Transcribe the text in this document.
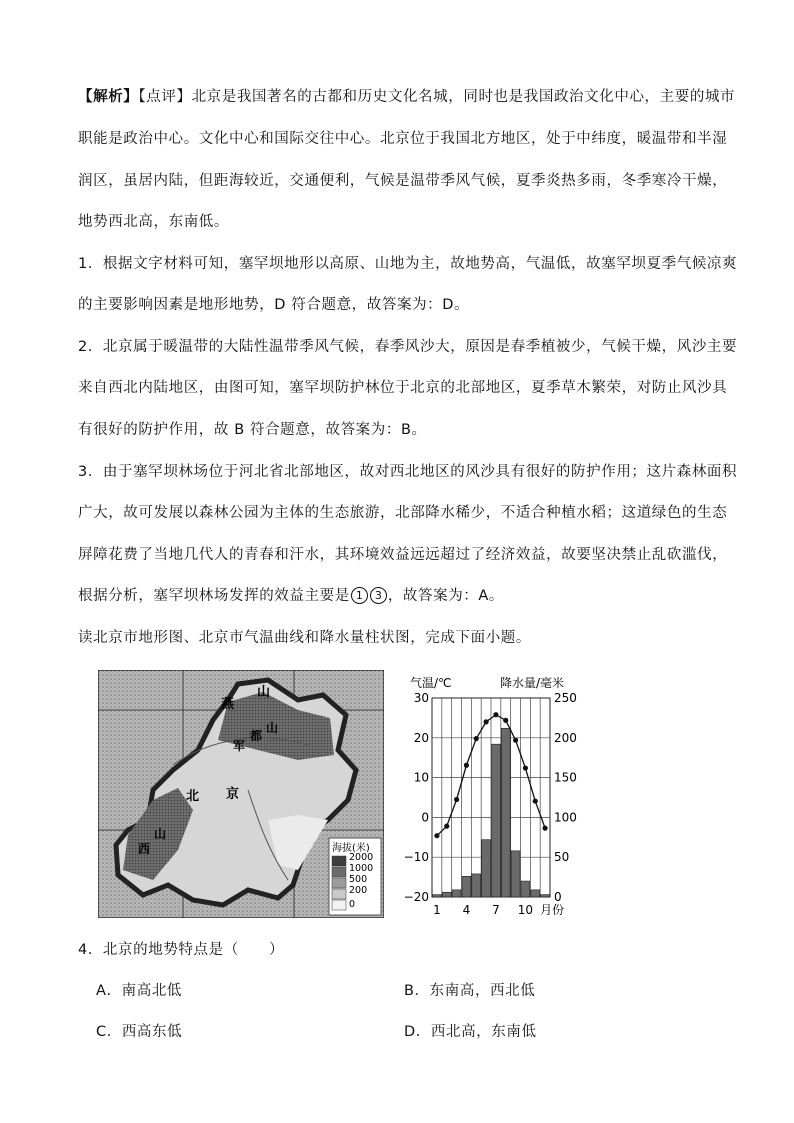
【解析】【点评】北京是我国著名的古都和历史文化名城，同时也是我国政治文化中心，主要的城市
职能是政治中心。文化中心和国际交往中心。北京位于我国北方地区，处于中纬度，暖温带和半湿
润区，虽居内陆，但距海较近，交通便利，气候是温带季风气候，夏季炎热多雨，冬季寒冷干燥，
地势西北高，东南低。
1．根据文字材料可知，塞罕坝地形以高原、山地为主，故地势高，气温低，故塞罕坝夏季气候凉爽
的主要影响因素是地形地势，D 符合题意，故答案为：D。
2．北京属于暖温带的大陆性温带季风气候，春季风沙大，原因是春季植被少，气候干燥，风沙主要
来自西北内陆地区，由图可知，塞罕坝防护林位于北京的北部地区，夏季草木繁荣，对防止风沙具
有很好的防护作用，故 B 符合题意，故答案为：B。
3．由于塞罕坝林场位于河北省北部地区，故对西北地区的风沙具有很好的防护作用；这片森林面积
广大，故可发展以森林公园为主体的生态旅游，北部降水稀少，不适合种植水稻；这道绿色的生态
屏障花费了当地几代人的青春和汗水，其环境效益远远超过了经济效益，故要坚决禁止乱砍滥伐，
根据分析，塞罕坝林场发挥的效益主要是 1 3 ，故答案为：A。
读北京市地形图、北京市气温曲线和降水量柱状图，完成下面小题。
燕
山
军
都
山
北 京
西
山
海拔(米)
2000
1000
500
200
0
气温/℃	降水量/毫米
30
20
10
0
−10
−20
250
200
150
100
50
0
1 4 7 10 月份
4．北京的地势特点是（　　）
A．南高北低	B．东南高，西北低
C．西高东低	D．西北高，东南低
